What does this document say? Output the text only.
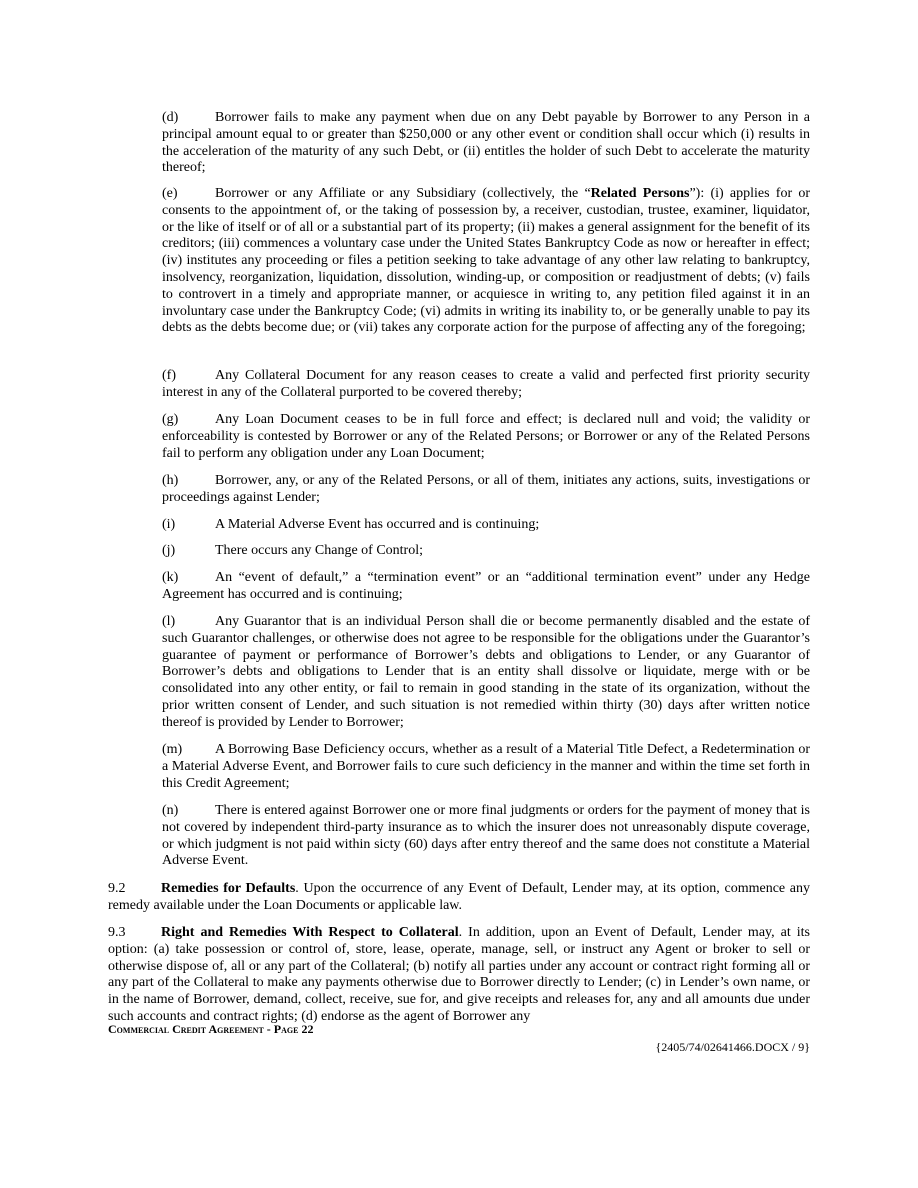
(d)	Borrower fails to make any payment when due on any Debt payable by Borrower to any Person in a principal amount equal to or greater than $250,000 or any other event or condition shall occur which (i) results in the acceleration of the maturity of any such Debt, or (ii) entitles the holder of such Debt to accelerate the maturity thereof;
(e)	Borrower or any Affiliate or any Subsidiary (collectively, the “Related Persons”): (i) applies for or consents to the appointment of, or the taking of possession by, a receiver, custodian, trustee, examiner, liquidator, or the like of itself or of all or a substantial part of its property; (ii) makes a general assignment for the benefit of its creditors; (iii) commences a voluntary case under the United States Bankruptcy Code as now or hereafter in effect; (iv) institutes any proceeding or files a petition seeking to take advantage of any other law relating to bankruptcy, insolvency, reorganization, liquidation, dissolution, winding-up, or composition or readjustment of debts; (v) fails to controvert in a timely and appropriate manner, or acquiesce in writing to, any petition filed against it in an involuntary case under the Bankruptcy Code; (vi) admits in writing its inability to, or be generally unable to pay its debts as the debts become due; or (vii) takes any corporate action for the purpose of affecting any of the foregoing;
(f)	Any Collateral Document for any reason ceases to create a valid and perfected first priority security interest in any of the Collateral purported to be covered thereby;
(g)	Any Loan Document ceases to be in full force and effect; is declared null and void; the validity or enforceability is contested by Borrower or any of the Related Persons; or Borrower or any of the Related Persons fail to perform any obligation under any Loan Document;
(h)	Borrower, any, or any of the Related Persons, or all of them, initiates any actions, suits, investigations or proceedings against Lender;
(i)	A Material Adverse Event has occurred and is continuing;
(j)	There occurs any Change of Control;
(k)	An “event of default,” a “termination event” or an “additional termination event” under any Hedge Agreement has occurred and is continuing;
(l)	Any Guarantor that is an individual Person shall die or become permanently disabled and the estate of such Guarantor challenges, or otherwise does not agree to be responsible for the obligations under the Guarantor’s guarantee of payment or performance of Borrower’s debts and obligations to Lender, or any Guarantor of Borrower’s debts and obligations to Lender that is an entity shall dissolve or liquidate, merge with or be consolidated into any other entity, or fail to remain in good standing in the state of its organization, without the prior written consent of Lender, and such situation is not remedied within thirty (30) days after written notice thereof is provided by Lender to Borrower;
(m) A Borrowing Base Deficiency occurs, whether as a result of a Material Title Defect, a Redetermination or a Material Adverse Event, and Borrower fails to cure such deficiency in the manner and within the time set forth in this Credit Agreement;
(n)	There is entered against Borrower one or more final judgments or orders for the payment of money that is not covered by independent third-party insurance as to which the insurer does not unreasonably dispute coverage, or which judgment is not paid within sicty (60) days after entry thereof and the same does not constitute a Material Adverse Event.
9.2	Remedies for Defaults. Upon the occurrence of any Event of Default, Lender may, at its option, commence any remedy available under the Loan Documents or applicable law.
9.3	Right and Remedies With Respect to Collateral. In addition, upon an Event of Default, Lender may, at its option: (a) take possession or control of, store, lease, operate, manage, sell, or instruct any Agent or broker to sell or otherwise dispose of, all or any part of the Collateral; (b) notify all parties under any account or contract right forming all or any part of the Collateral to make any payments otherwise due to Borrower directly to Lender; (c) in Lender’s own name, or in the name of Borrower, demand, collect, receive, sue for, and give receipts and releases for, any and all amounts due under such accounts and contract rights; (d) endorse as the agent of Borrower any
Commercial Credit Agreement - Page 22
{2405/74/02641466.DOCX / 9}
